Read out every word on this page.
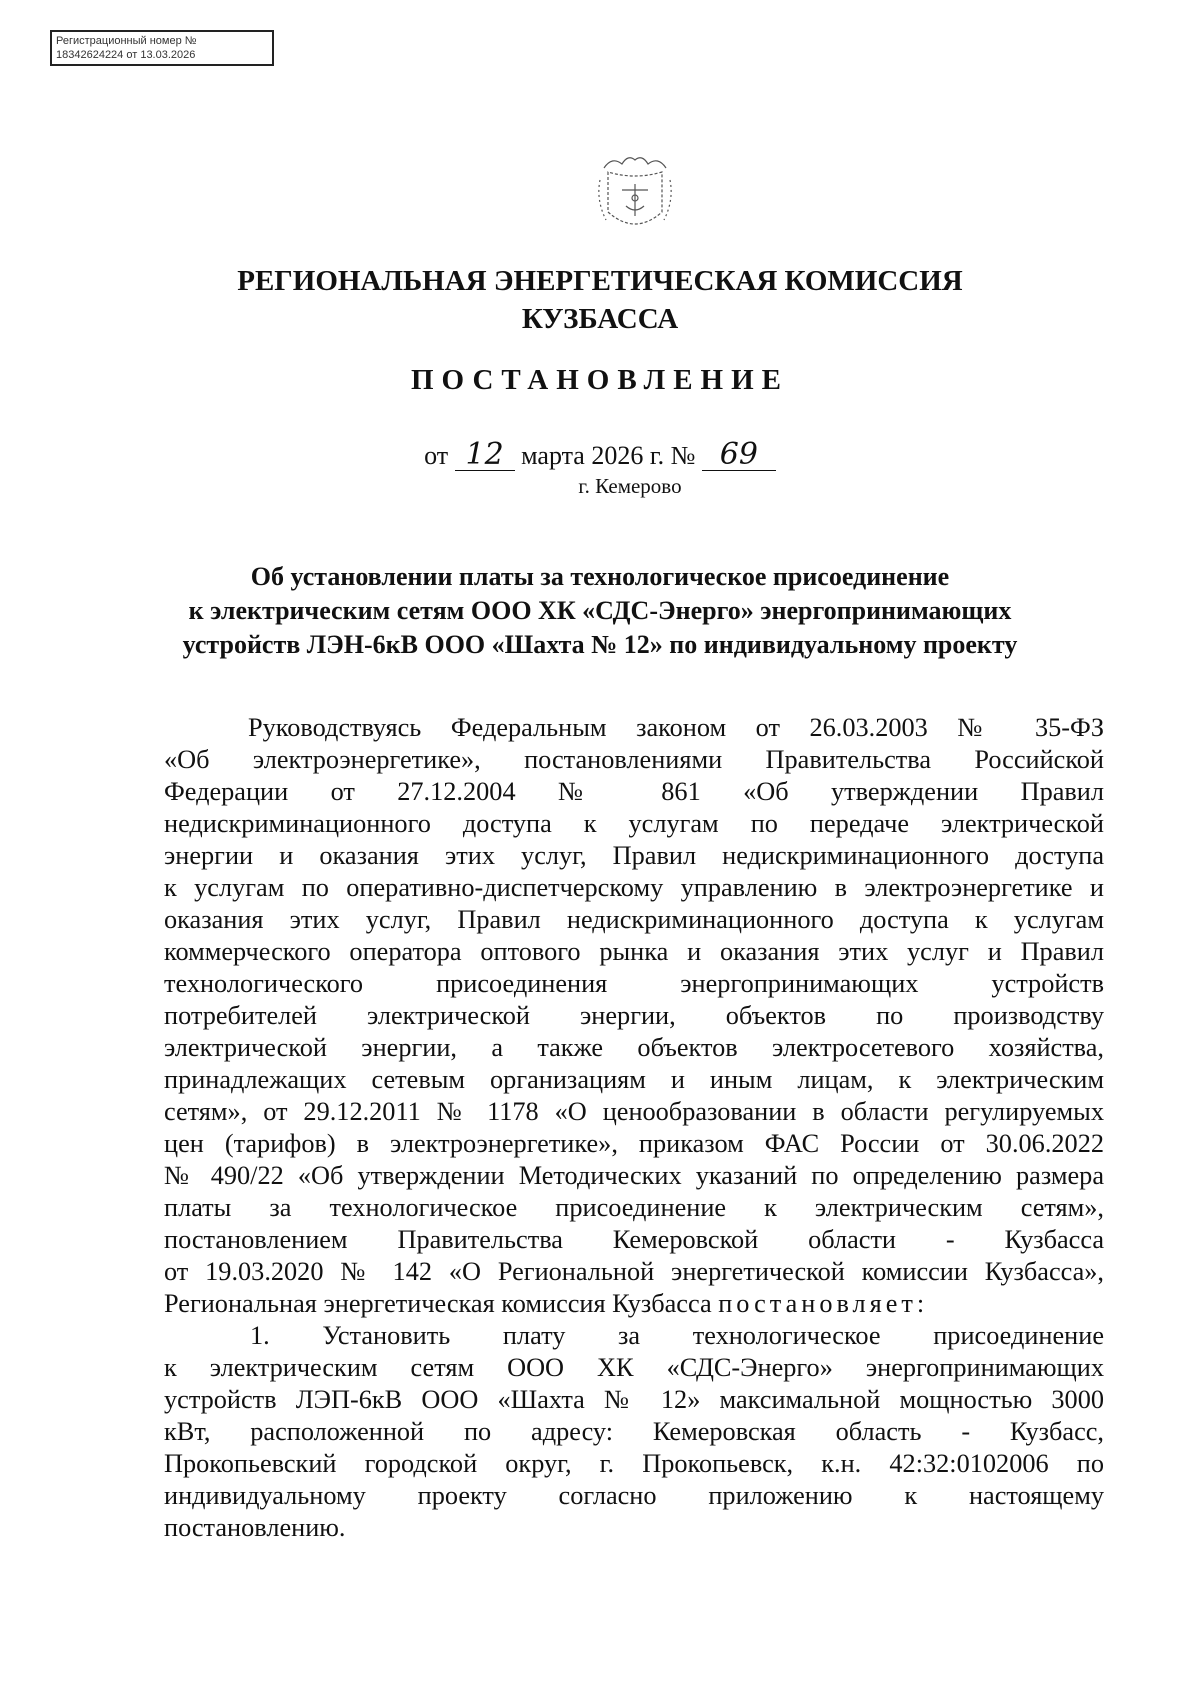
Регистрационный номер №
18342624224 от 13.03.2026
РЕГИОНАЛЬНАЯ ЭНЕРГЕТИЧЕСКАЯ КОМИССИЯ
КУЗБАССА
ПОСТАНОВЛЕНИЕ
от 12 марта 2026 г. № 69
г. Кемерово
Об установлении платы за технологическое присоединение
к электрическим сетям ООО ХК «СДС-Энерго» энергопринимающих
устройств ЛЭН-6кВ ООО «Шахта № 12» по индивидуальному проекту
Руководствуясь Федеральным законом от 26.03.2003 № 35-ФЗ
«Об электроэнергетике», постановлениями Правительства Российской
Федерации от 27.12.2004 № 861 «Об утверждении Правил
недискриминационного доступа к услугам по передаче электрической
энергии и оказания этих услуг, Правил недискриминационного доступа
к услугам по оперативно-диспетчерскому управлению в электроэнергетике и
оказания этих услуг, Правил недискриминационного доступа к услугам
коммерческого оператора оптового рынка и оказания этих услуг и Правил
технологического присоединения энергопринимающих устройств
потребителей электрической энергии, объектов по производству
электрической энергии, а также объектов электросетевого хозяйства,
принадлежащих сетевым организациям и иным лицам, к электрическим
сетям», от 29.12.2011 № 1178 «О ценообразовании в области регулируемых
цен (тарифов) в электроэнергетике», приказом ФАС России от 30.06.2022
№ 490/22 «Об утверждении Методических указаний по определению размера
платы за технологическое присоединение к электрическим сетям»,
постановлением Правительства Кемеровской области - Кузбасса
от 19.03.2020 № 142 «О Региональной энергетической комиссии Кузбасса»,
Региональная энергетическая комиссия Кузбасса постановляет:
1. Установить плату за технологическое присоединение
к электрическим сетям ООО ХК «СДС-Энерго» энергопринимающих
устройств ЛЭП-6кВ ООО «Шахта № 12» максимальной мощностью 3000
кВт, расположенной по адресу: Кемеровская область - Кузбасс,
Прокопьевский городской округ, г. Прокопьевск, к.н. 42:32:0102006 по
индивидуальному проекту согласно приложению к настоящему
постановлению.
